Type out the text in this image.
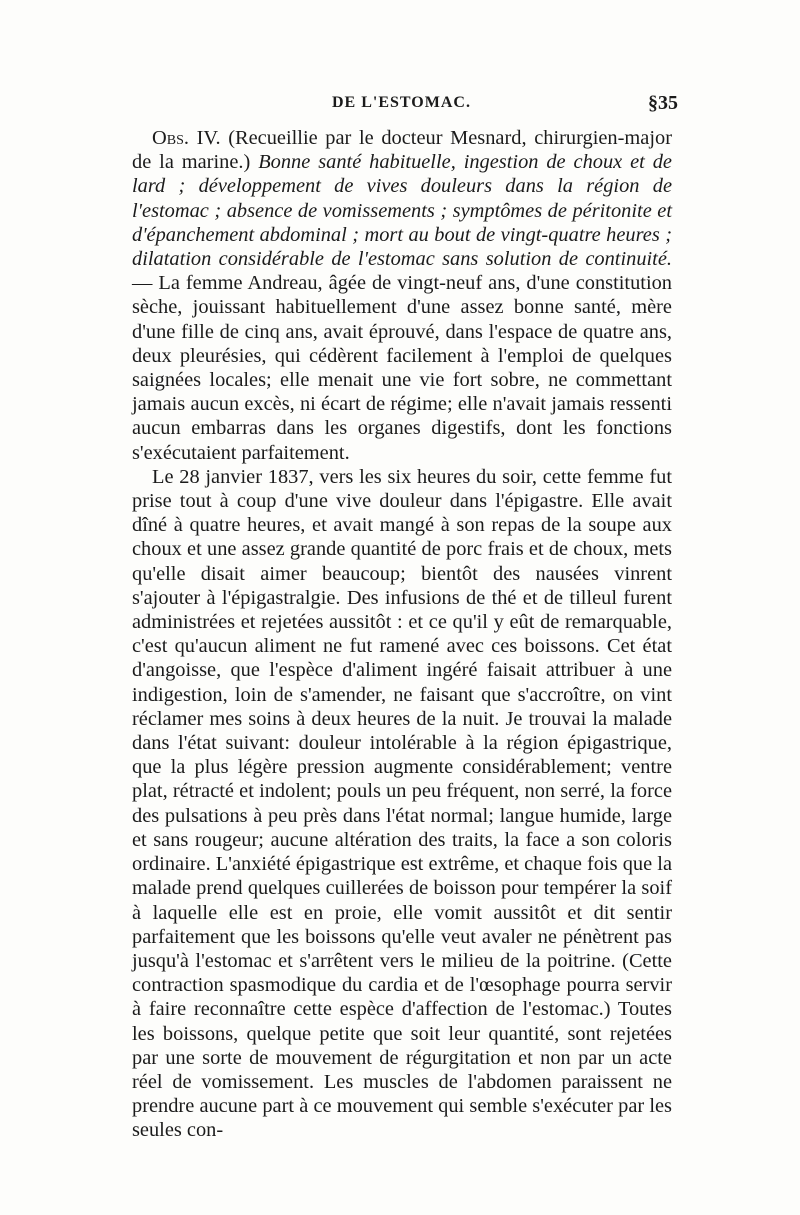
DE L'ESTOMAC.	§35

Obs. IV. (Recueillie par le docteur Mesnard, chirurgien-major de la marine.) Bonne santé habituelle, ingestion de choux et de lard ; développement de vives douleurs dans la région de l'estomac ; absence de vomissements ; symptômes de péritonite et d'épanchement abdominal ; mort au bout de vingt-quatre heures ; dilatation considérable de l'estomac sans solution de continuité. — La femme Andreau, âgée de vingt-neuf ans, d'une constitution sèche, jouissant habituellement d'une assez bonne santé, mère d'une fille de cinq ans, avait éprouvé, dans l'espace de quatre ans, deux pleurésies, qui cédèrent facilement à l'emploi de quelques saignées locales; elle menait une vie fort sobre, ne commettant jamais aucun excès, ni écart de régime; elle n'avait jamais ressenti aucun embarras dans les organes digestifs, dont les fonctions s'exécutaient parfaitement.

Le 28 janvier 1837, vers les six heures du soir, cette femme fut prise tout à coup d'une vive douleur dans l'épigastre. Elle avait dîné à quatre heures, et avait mangé à son repas de la soupe aux choux et une assez grande quantité de porc frais et de choux, mets qu'elle disait aimer beaucoup; bientôt des nausées vinrent s'ajouter à l'épigastralgie. Des infusions de thé et de tilleul furent administrées et rejetées aussitôt : et ce qu'il y eût de remarquable, c'est qu'aucun aliment ne fut ramené avec ces boissons. Cet état d'angoisse, que l'espèce d'aliment ingéré faisait attribuer à une indigestion, loin de s'amender, ne faisant que s'accroître, on vint réclamer mes soins à deux heures de la nuit. Je trouvai la malade dans l'état suivant: douleur intolérable à la région épigastrique, que la plus légère pression augmente considérablement; ventre plat, rétracté et indolent; pouls un peu fréquent, non serré, la force des pulsations à peu près dans l'état normal; langue humide, large et sans rougeur; aucune altération des traits, la face a son coloris ordinaire. L'anxiété épigastrique est extrême, et chaque fois que la malade prend quelques cuillerées de boisson pour tempérer la soif à laquelle elle est en proie, elle vomit aussitôt et dit sentir parfaitement que les boissons qu'elle veut avaler ne pénètrent pas jusqu'à l'estomac et s'arrêtent vers le milieu de la poitrine. (Cette contraction spasmodique du cardia et de l'œsophage pourra servir à faire reconnaître cette espèce d'affection de l'estomac.) Toutes les boissons, quelque petite que soit leur quantité, sont rejetées par une sorte de mouvement de régurgitation et non par un acte réel de vomissement. Les muscles de l'abdomen paraissent ne prendre aucune part à ce mouvement qui semble s'exécuter par les seules con-
